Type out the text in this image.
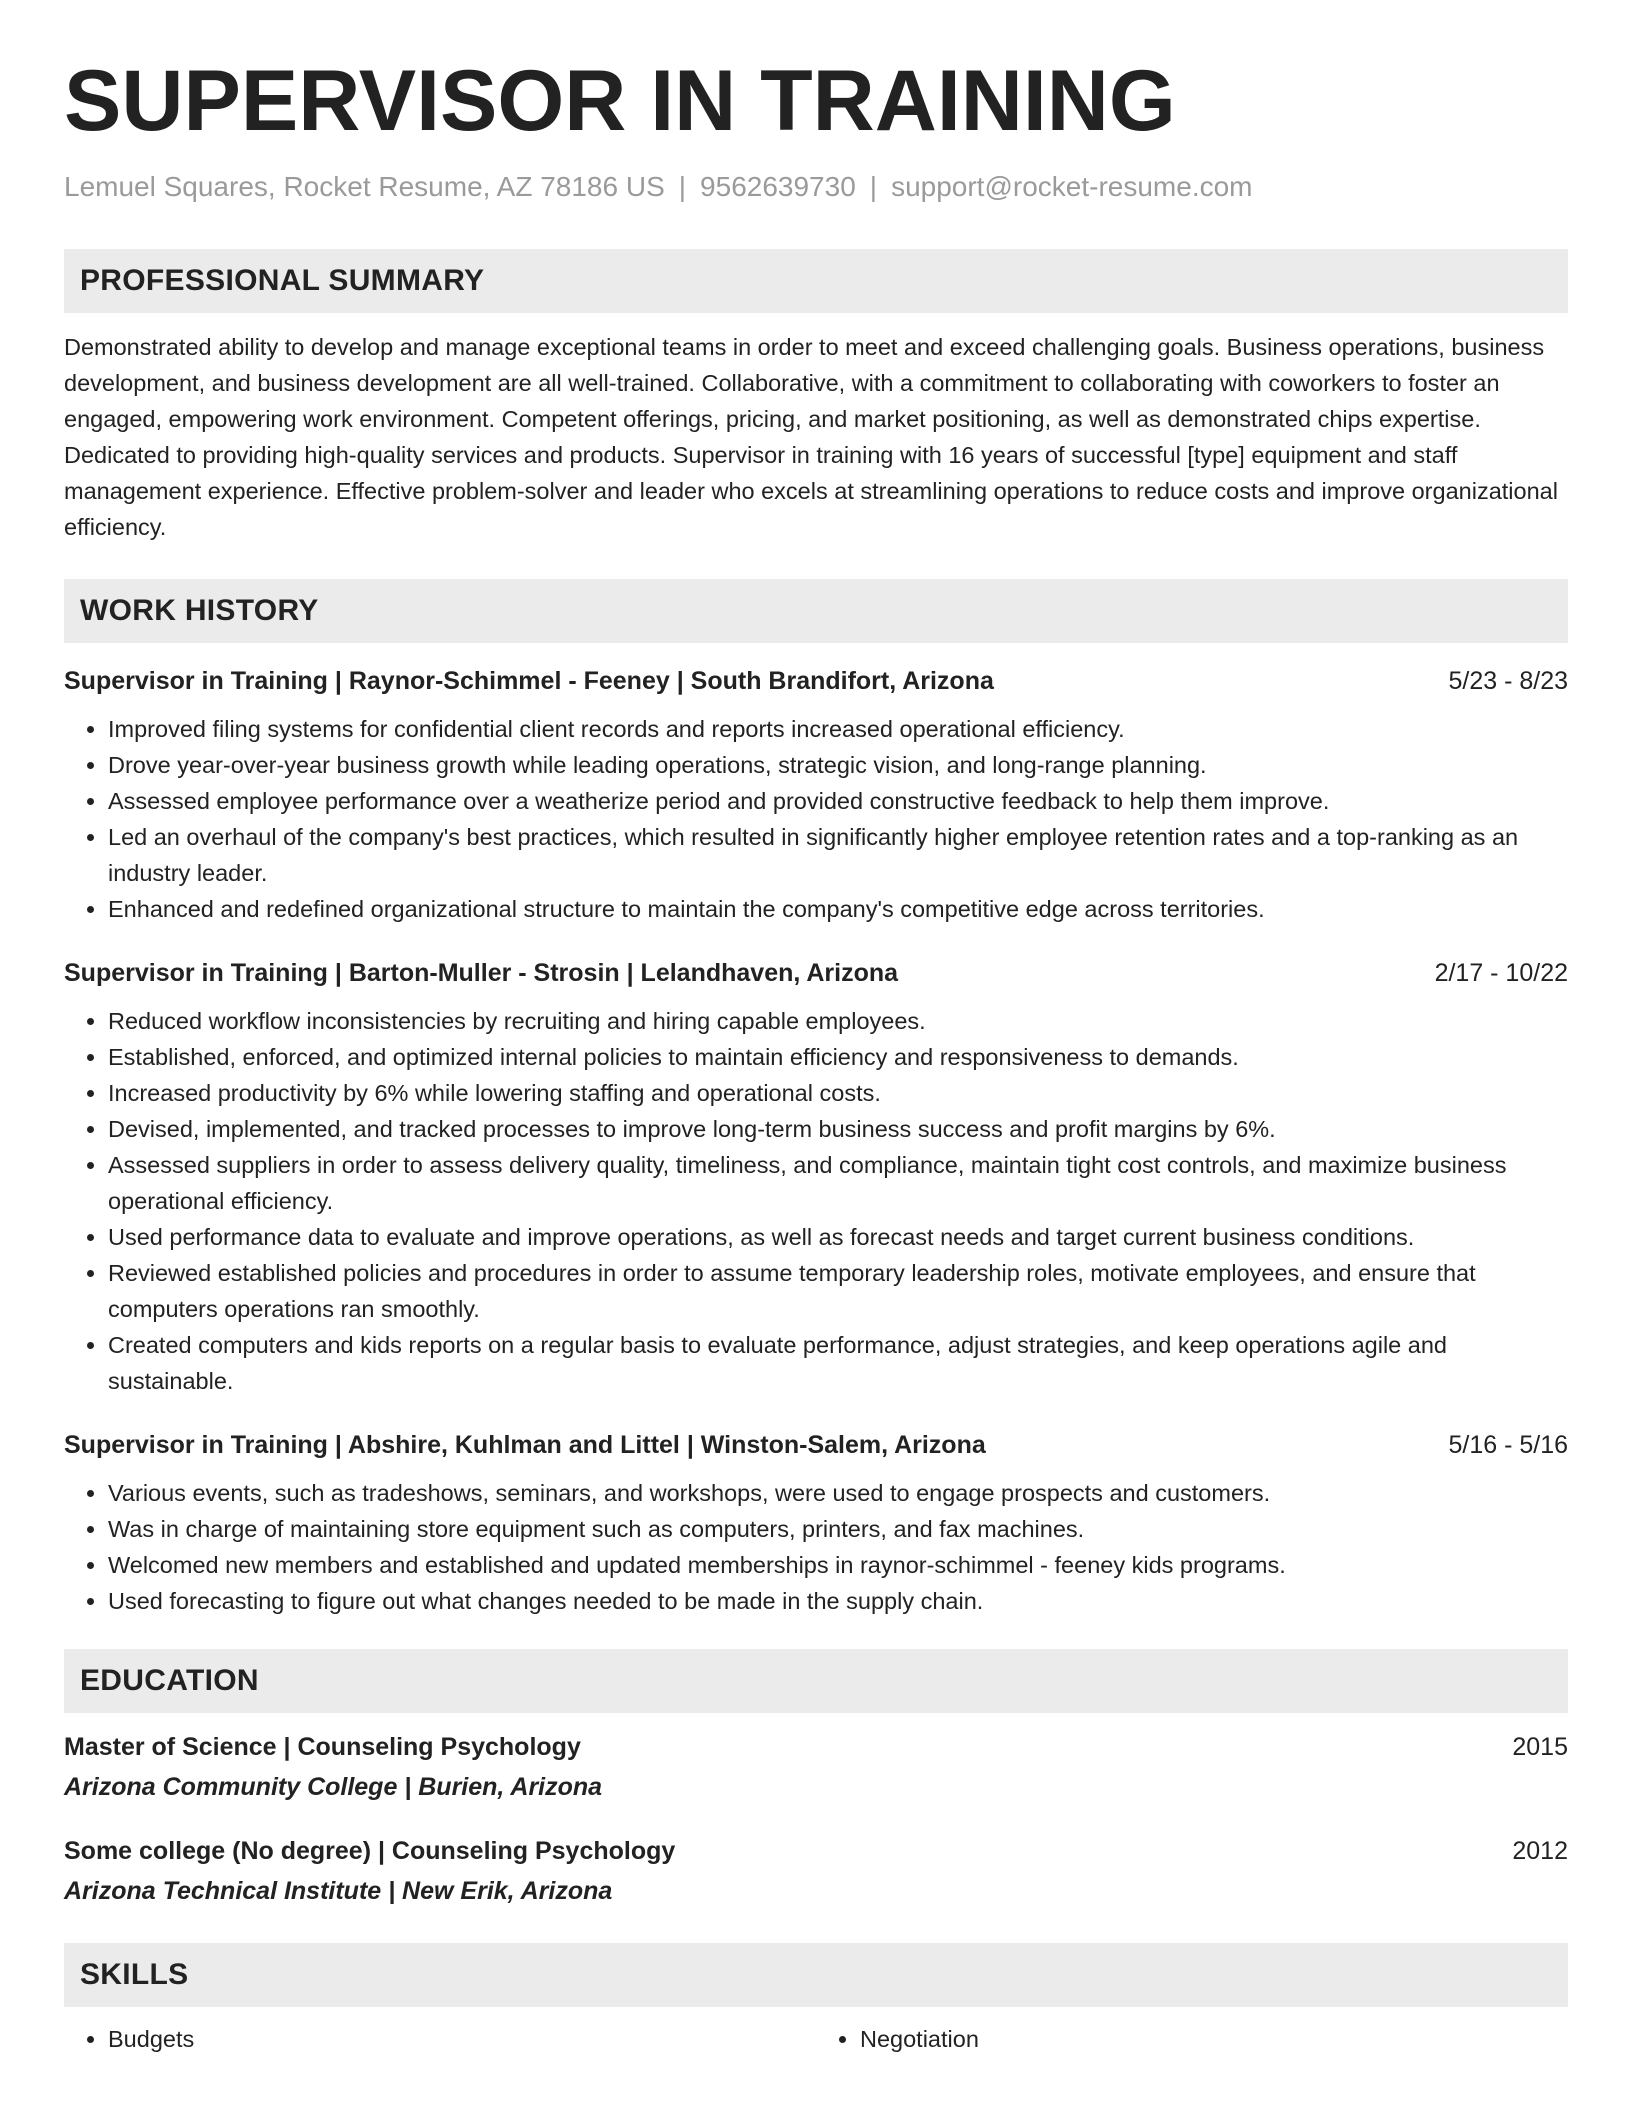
SUPERVISOR IN TRAINING
Lemuel Squares, Rocket Resume, AZ 78186 US | 9562639730 | support@rocket-resume.com
PROFESSIONAL SUMMARY
Demonstrated ability to develop and manage exceptional teams in order to meet and exceed challenging goals. Business operations, business development, and business development are all well-trained. Collaborative, with a commitment to collaborating with coworkers to foster an engaged, empowering work environment. Competent offerings, pricing, and market positioning, as well as demonstrated chips expertise. Dedicated to providing high-quality services and products. Supervisor in training with 16 years of successful [type] equipment and staff management experience. Effective problem-solver and leader who excels at streamlining operations to reduce costs and improve organizational efficiency.
WORK HISTORY
Supervisor in Training | Raynor-Schimmel - Feeney | South Brandifort, Arizona	5/23 - 8/23
• Improved filing systems for confidential client records and reports increased operational efficiency.
• Drove year-over-year business growth while leading operations, strategic vision, and long-range planning.
• Assessed employee performance over a weatherize period and provided constructive feedback to help them improve.
• Led an overhaul of the company's best practices, which resulted in significantly higher employee retention rates and a top-ranking as an industry leader.
• Enhanced and redefined organizational structure to maintain the company's competitive edge across territories.
Supervisor in Training | Barton-Muller - Strosin | Lelandhaven, Arizona	2/17 - 10/22
• Reduced workflow inconsistencies by recruiting and hiring capable employees.
• Established, enforced, and optimized internal policies to maintain efficiency and responsiveness to demands.
• Increased productivity by 6% while lowering staffing and operational costs.
• Devised, implemented, and tracked processes to improve long-term business success and profit margins by 6%.
• Assessed suppliers in order to assess delivery quality, timeliness, and compliance, maintain tight cost controls, and maximize business operational efficiency.
• Used performance data to evaluate and improve operations, as well as forecast needs and target current business conditions.
• Reviewed established policies and procedures in order to assume temporary leadership roles, motivate employees, and ensure that computers operations ran smoothly.
• Created computers and kids reports on a regular basis to evaluate performance, adjust strategies, and keep operations agile and sustainable.
Supervisor in Training | Abshire, Kuhlman and Littel | Winston-Salem, Arizona	5/16 - 5/16
• Various events, such as tradeshows, seminars, and workshops, were used to engage prospects and customers.
• Was in charge of maintaining store equipment such as computers, printers, and fax machines.
• Welcomed new members and established and updated memberships in raynor-schimmel - feeney kids programs.
• Used forecasting to figure out what changes needed to be made in the supply chain.
EDUCATION
Master of Science | Counseling Psychology	2015
Arizona Community College | Burien, Arizona
Some college (No degree) | Counseling Psychology	2012
Arizona Technical Institute | New Erik, Arizona
SKILLS
• Budgets
•	Negotiation
